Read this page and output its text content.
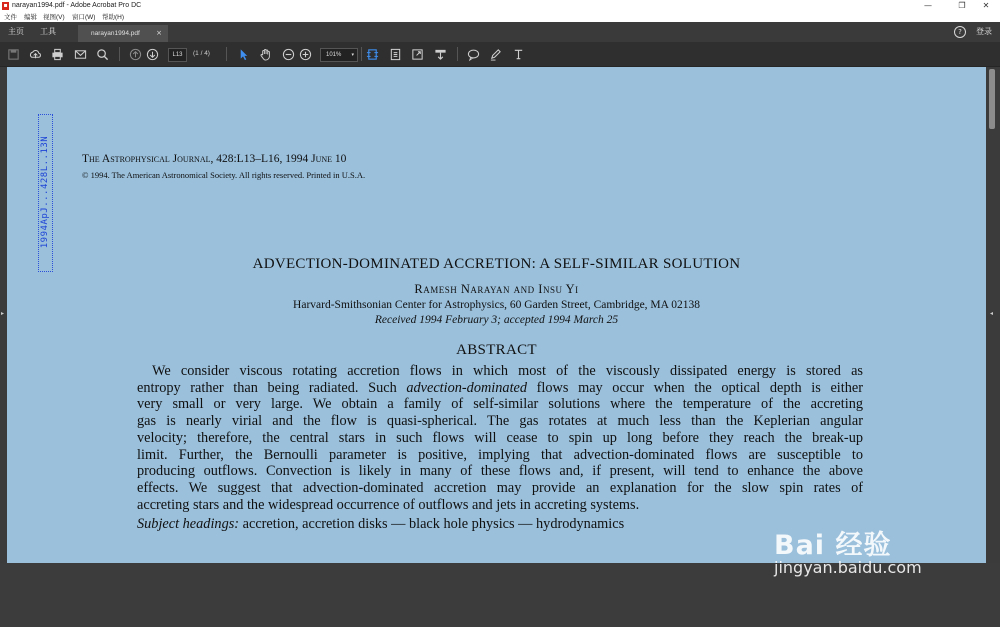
▪ narayan1994.pdf - Adobe Acrobat Pro DC	—	❐	✕
文件 编辑 视图(V) 窗口(W) 帮助(H)
主页 工具	narayan1994.pdf ×	?	登录
L13	(1 / 4)	101% ▾
▸
1994ApJ...428L..13N	The Astrophysical Journal, 428:L13–L16, 1994 June 10
© 1994. The American Astronomical Society. All rights reserved. Printed in U.S.A.
ADVECTION-DOMINATED ACCRETION: A SELF-SIMILAR SOLUTION
Ramesh Narayan and Insu Yi
Harvard-Smithsonian Center for Astrophysics, 60 Garden Street, Cambridge, MA 02138
Received 1994 February 3; accepted 1994 March 25
ABSTRACT
We consider viscous rotating accretion flows in which most of the viscously dissipated energy is stored as
entropy rather than being radiated. Such advection-dominated flows may occur when the optical depth is either
very small or very large. We obtain a family of self-similar solutions where the temperature of the accreting
gas is nearly virial and the flow is quasi-spherical. The gas rotates at much less than the Keplerian angular
velocity; therefore, the central stars in such flows will cease to spin up long before they reach the break-up
limit. Further, the Bernoulli parameter is positive, implying that advection-dominated flows are susceptible to
producing outflows. Convection is likely in many of these flows and, if present, will tend to enhance the above
effects. We suggest that advection-dominated accretion may provide an explanation for the slow spin rates of
accreting stars and the widespread occurrence of outflows and jets in accreting systems.
Subject headings: accretion, accretion disks — black hole physics — hydrodynamics
Bai 经验
jingyan.baidu.com
◂
